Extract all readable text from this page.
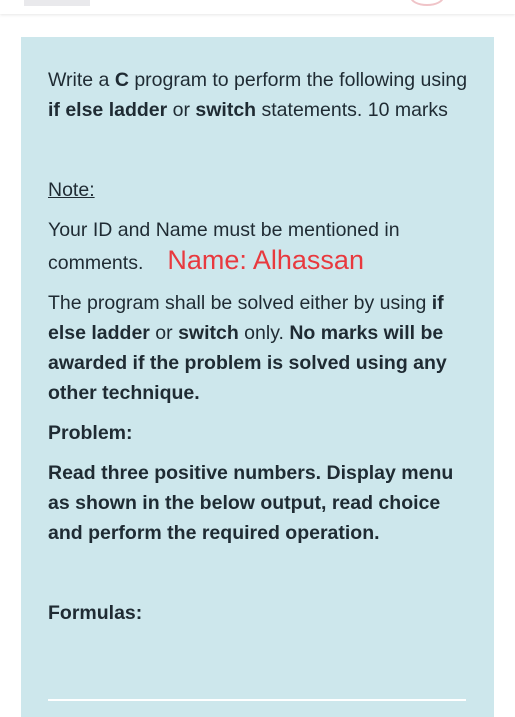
Write a C program to perform the following using if else ladder or switch statements. 10 marks

Note:

Your ID and Name must be mentioned in comments. Name: Alhassan

The program shall be solved either by using if else ladder or switch only. No marks will be awarded if the problem is solved using any other technique.

Problem:

Read three positive numbers. Display menu as shown in the below output, read choice and perform the required operation.

Formulas:
